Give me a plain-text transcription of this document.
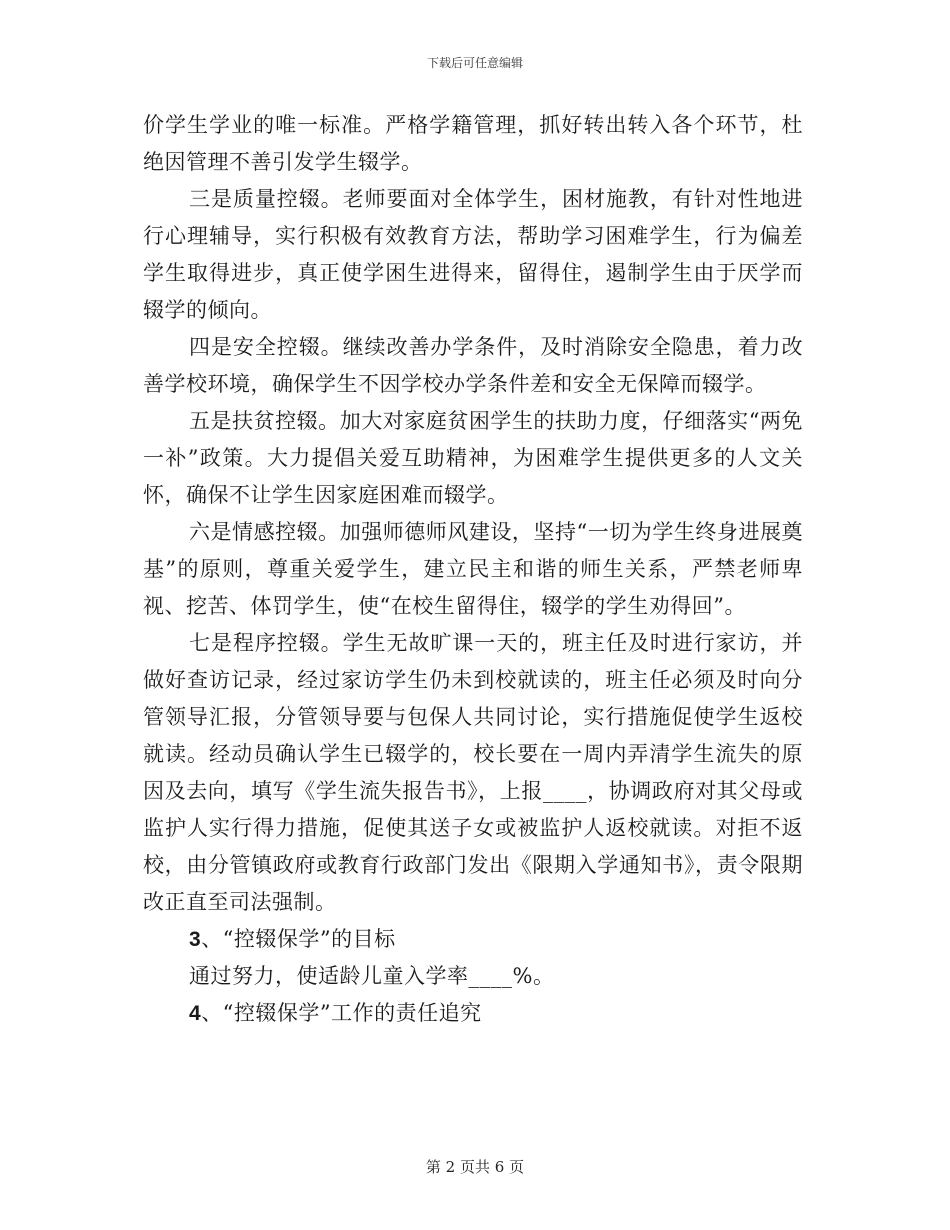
下载后可任意编辑

价学生学业的唯一标准。严格学籍管理，抓好转出转入各个环节，杜绝因管理不善引发学生辍学。

三是质量控辍。老师要面对全体学生，困材施教，有针对性地进行心理辅导，实行积极有效教育方法，帮助学习困难学生，行为偏差学生取得进步，真正使学困生进得来，留得住，遏制学生由于厌学而辍学的倾向。

四是安全控辍。继续改善办学条件，及时消除安全隐患，着力改善学校环境，确保学生不因学校办学条件差和安全无保障而辍学。

五是扶贫控辍。加大对家庭贫困学生的扶助力度，仔细落实“两免一补”政策。大力提倡关爱互助精神，为困难学生提供更多的人文关怀，确保不让学生因家庭困难而辍学。

六是情感控辍。加强师德师风建设，坚持“一切为学生终身进展奠基”的原则，尊重关爱学生，建立民主和谐的师生关系，严禁老师卑视、挖苦、体罚学生，使“在校生留得住，辍学的学生劝得回”。

七是程序控辍。学生无故旷课一天的，班主任及时进行家访，并做好查访记录，经过家访学生仍未到校就读的，班主任必须及时向分管领导汇报，分管领导要与包保人共同讨论，实行措施促使学生返校就读。经动员确认学生已辍学的，校长要在一周内弄清学生流失的原因及去向，填写《学生流失报告书》，上报____，协调政府对其父母或监护人实行得力措施，促使其送子女或被监护人返校就读。对拒不返校，由分管镇政府或教育行政部门发出《限期入学通知书》，责令限期改正直至司法强制。

3、“控辍保学”的目标

通过努力，使适龄儿童入学率____%。

4、“控辍保学”工作的责任追究

第 2 页共 6 页
